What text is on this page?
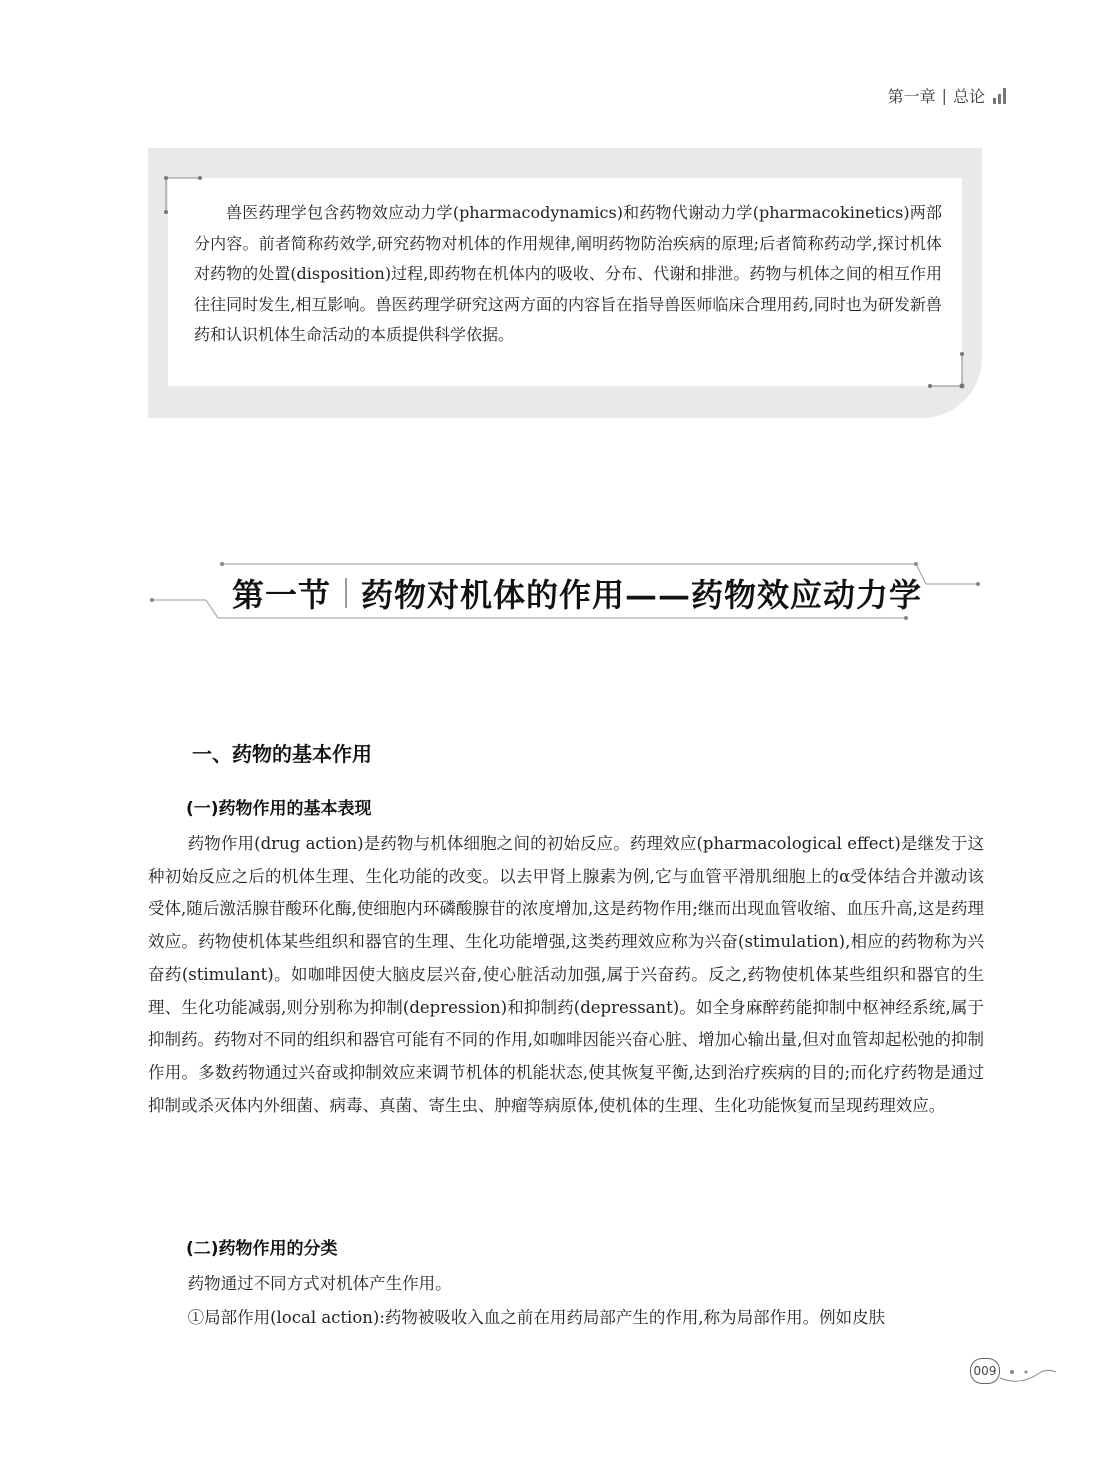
第一章 | 总论
兽医药理学包含药物效应动力学(pharmacodynamics)和药物代谢动力学(pharmacokinetics)两部分内容。前者简称药效学,研究药物对机体的作用规律,阐明药物防治疾病的原理;后者简称药动学,探讨机体对药物的处置(disposition)过程,即药物在机体内的吸收、分布、代谢和排泄。药物与机体之间的相互作用往往同时发生,相互影响。兽医药理学研究这两方面的内容旨在指导兽医师临床合理用药,同时也为研发新兽药和认识机体生命活动的本质提供科学依据。
第一节 药物对机体的作用——药物效应动力学
一、药物的基本作用
(一)药物作用的基本表现
药物作用(drug action)是药物与机体细胞之间的初始反应。药理效应(pharmacological effect)是继发于这种初始反应之后的机体生理、生化功能的改变。以去甲肾上腺素为例,它与血管平滑肌细胞上的α受体结合并激动该受体,随后激活腺苷酸环化酶,使细胞内环磷酸腺苷的浓度增加,这是药物作用;继而出现血管收缩、血压升高,这是药理效应。药物使机体某些组织和器官的生理、生化功能增强,这类药理效应称为兴奋(stimulation),相应的药物称为兴奋药(stimulant)。如咖啡因使大脑皮层兴奋,使心脏活动加强,属于兴奋药。反之,药物使机体某些组织和器官的生理、生化功能减弱,则分别称为抑制(depression)和抑制药(depressant)。如全身麻醉药能抑制中枢神经系统,属于抑制药。药物对不同的组织和器官可能有不同的作用,如咖啡因能兴奋心脏、增加心输出量,但对血管却起松弛的抑制作用。多数药物通过兴奋或抑制效应来调节机体的机能状态,使其恢复平衡,达到治疗疾病的目的;而化疗药物是通过抑制或杀灭体内外细菌、病毒、真菌、寄生虫、肿瘤等病原体,使机体的生理、生化功能恢复而呈现药理效应。
(二)药物作用的分类
药物通过不同方式对机体产生作用。
①局部作用(local action):药物被吸收入血之前在用药局部产生的作用,称为局部作用。例如皮肤
009
